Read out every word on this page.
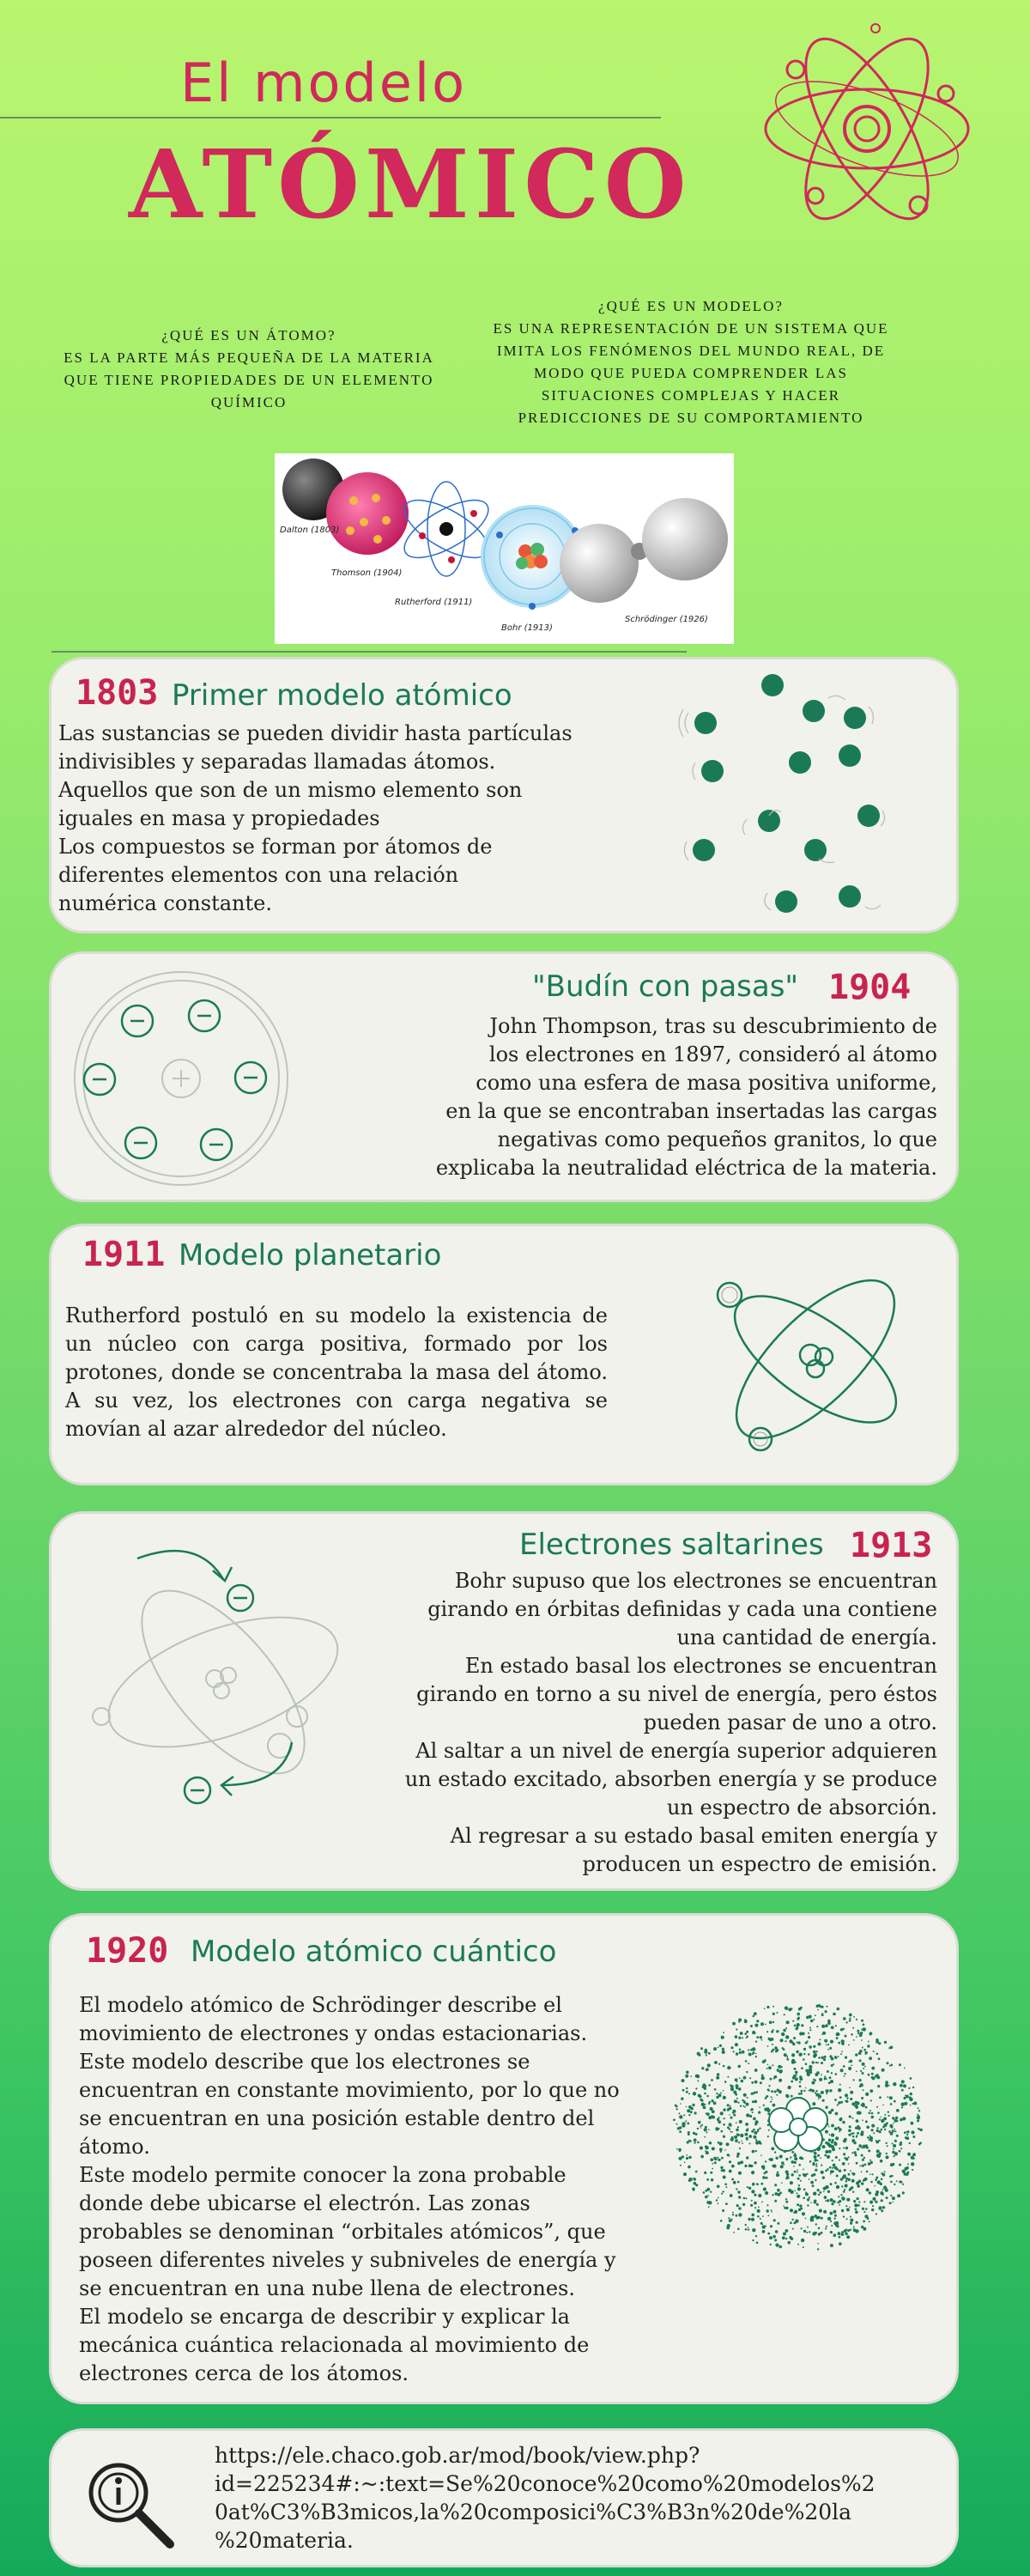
El modelo
ATÓMICO
¿QUÉ ES UN ÁTOMO?
ES LA PARTE MÁS PEQUEÑA DE LA MATERIA QUE TIENE PROPIEDADES DE UN ELEMENTO QUÍMICO
¿QUÉ ES UN MODELO?
ES UNA REPRESENTACIÓN DE UN SISTEMA QUE IMITA LOS FENÓMENOS DEL MUNDO REAL, DE MODO QUE PUEDA COMPRENDER LAS SITUACIONES COMPLEJAS Y HACER PREDICCIONES DE SU COMPORTAMIENTO
Dalton (1803)
Thomson (1904)
Rutherford (1911)
Bohr (1913)
Schrödinger (1926)
1803 Primer modelo atómico
Las sustancias se pueden dividir hasta partículas
indivisibles y separadas llamadas átomos.
Aquellos que son de un mismo elemento son
iguales en masa y propiedades
Los compuestos se forman por átomos de
diferentes elementos con una relación
numérica constante.
"Budín con pasas" 1904
John Thompson, tras su descubrimiento de
los electrones en 1897, consideró al átomo
como una esfera de masa positiva uniforme,
en la que se encontraban insertadas las cargas
negativas como pequeños granitos, lo que
explicaba la neutralidad eléctrica de la materia.
1911 Modelo planetario
Rutherford postuló en su modelo la existencia de un núcleo con carga positiva, formado por los protones, donde se concentraba la masa del átomo. A su vez, los electrones con carga negativa se movían al azar alrededor del núcleo.
Electrones saltarines 1913
Bohr supuso que los electrones se encuentran
girando en órbitas definidas y cada una contiene
una cantidad de energía.
En estado basal los electrones se encuentran
girando en torno a su nivel de energía, pero éstos
pueden pasar de uno a otro.
Al saltar a un nivel de energía superior adquieren
un estado excitado, absorben energía y se produce
un espectro de absorción.
Al regresar a su estado basal emiten energía y
producen un espectro de emisión.
1920 Modelo atómico cuántico
El modelo atómico de Schrödinger describe el
movimiento de electrones y ondas estacionarias.
Este modelo describe que los electrones se
encuentran en constante movimiento, por lo que no
se encuentran en una posición estable dentro del
átomo.
Este modelo permite conocer la zona probable
donde debe ubicarse el electrón. Las zonas
probables se denominan “orbitales atómicos”, que
poseen diferentes niveles y subniveles de energía y
se encuentran en una nube llena de electrones.
El modelo se encarga de describir y explicar la
mecánica cuántica relacionada al movimiento de
electrones cerca de los átomos.
https://ele.chaco.gob.ar/mod/book/view.php?
id=225234#:~:text=Se%20conoce%20como%20modelos%2
0at%C3%B3micos,la%20composici%C3%B3n%20de%20la
%20materia.
